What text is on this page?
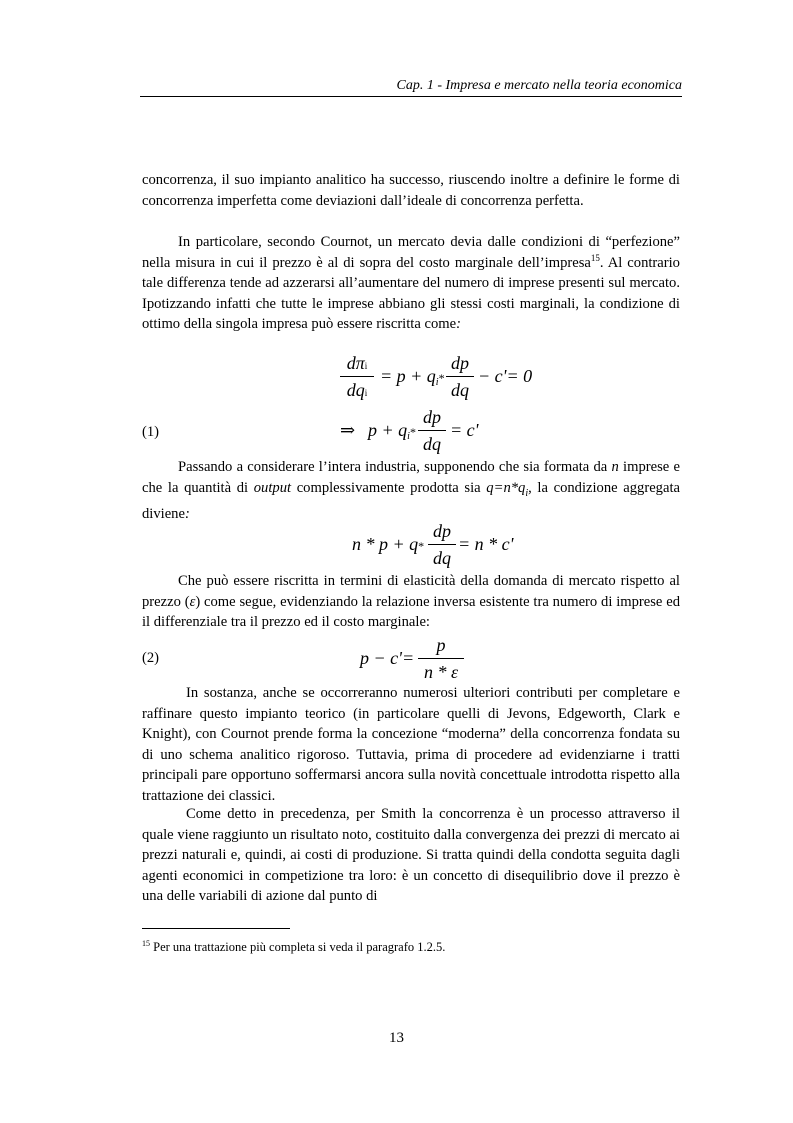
Cap. 1 - Impresa e mercato nella teoria economica

concorrenza, il suo impianto analitico ha successo, riuscendo inoltre a definire le forme di concorrenza imperfetta come deviazioni dall’ideale di concorrenza perfetta.

In particolare, secondo Cournot, un mercato devia dalle condizioni di “perfezione” nella misura in cui il prezzo è al di sopra del costo marginale dell’impresa$^{15}$. Al contrario tale differenza tende ad azzerarsi all’aumentare del numero di imprese presenti sul mercato. Ipotizzando infatti che tutte le imprese abbiano gli stessi costi marginali, la condizione di ottimo della singola impresa può essere riscritta come:

dπi
dqi
= p + qi*
dp
dq
− c'= 0
(1)	⇒ p + qi*
dp
dq
= c'

Passando a considerare l’intera industria, supponendo che sia formata da n imprese e che la quantità di output complessivamente prodotta sia $q=n*q_i$, la condizione aggregata diviene:

n * p + q*
dp
dq
= n * c'

Che può essere riscritta in termini di elasticità della domanda di mercato rispetto al prezzo (ε) come segue, evidenziando la relazione inversa esistente tra numero di imprese ed il differenziale tra il prezzo ed il costo marginale:

(2)	p − c'=
p
n * ε

In sostanza, anche se occorreranno numerosi ulteriori contributi per completare e raffinare questo impianto teorico (in particolare quelli di Jevons, Edgeworth, Clark e Knight), con Cournot prende forma la concezione “moderna” della concorrenza fondata su di uno schema analitico rigoroso. Tuttavia, prima di procedere ad evidenziarne i tratti principali pare opportuno soffermarsi ancora sulla novità concettuale introdotta rispetto alla trattazione dei classici.

Come detto in precedenza, per Smith la concorrenza è un processo attraverso il quale viene raggiunto un risultato noto, costituito dalla convergenza dei prezzi di mercato ai prezzi naturali e, quindi, ai costi di produzione. Si tratta quindi della condotta seguita dagli agenti economici in competizione tra loro: è un concetto di disequilibrio dove il prezzo è una delle variabili di azione dal punto di

$^{15}$ Per una trattazione più completa si veda il paragrafo 1.2.5.
13
